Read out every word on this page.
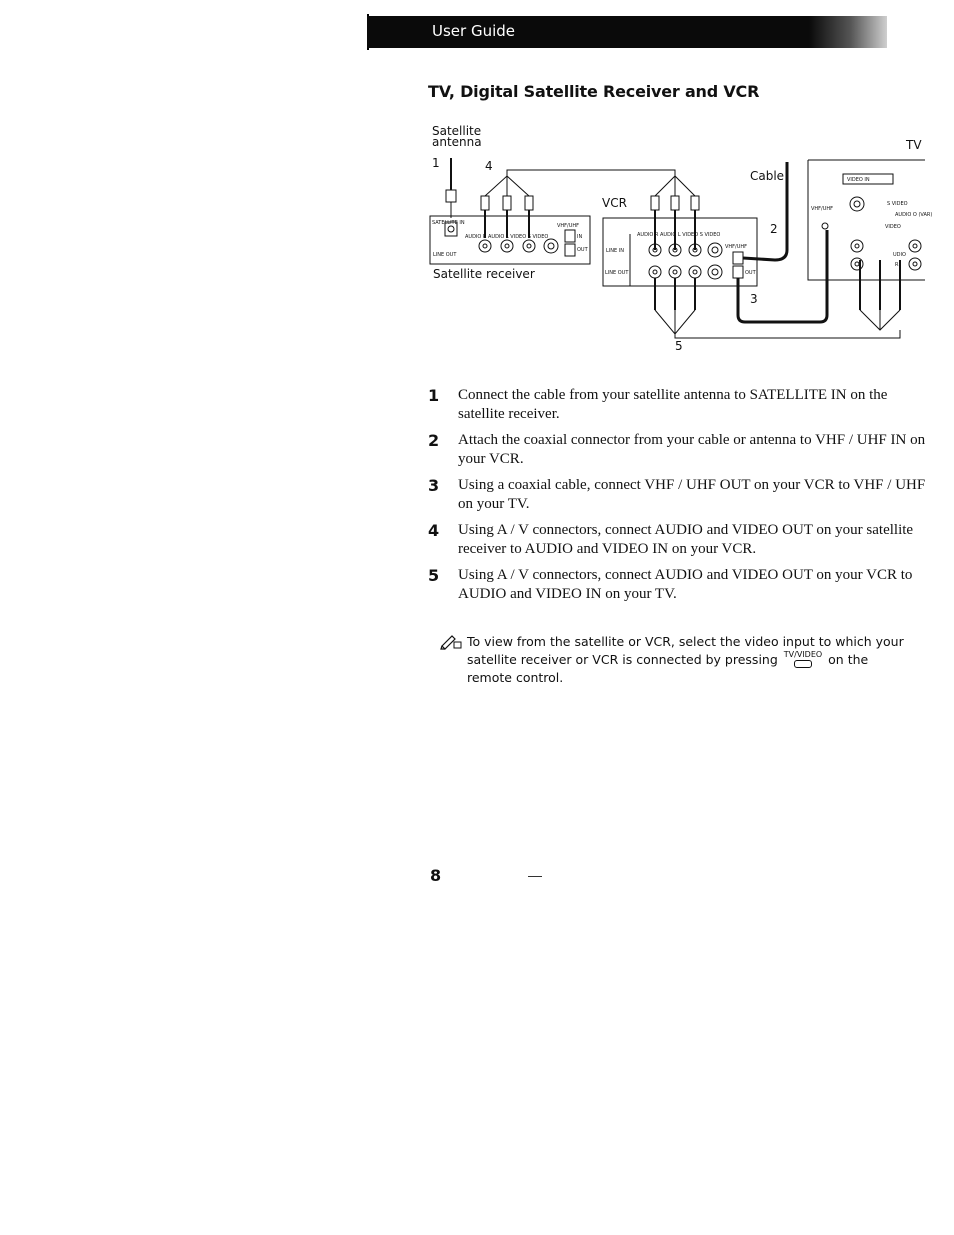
User Guide
TV, Digital Satellite Receiver and VCR
Satellite
antenna	TV
VCR
Cable
Satellite receiver
1
2
3
4
5
SATELLITE IN
AUDIO R AUDIO L VIDEO S VIDEO
VHF/UHF
IN
OUT
LINE OUT
AUDIO R AUDIO L VIDEO S VIDEO
LINE IN
LINE OUT
VHF/UHF
OUT
VIDEO IN
S VIDEO
AUDIO O (VAR)
VHF/UHF
VIDEO
UDIO
R
1 Connect the cable from your satellite antenna to SATELLITE IN on the satellite receiver.
2 Attach the coaxial connector from your cable or antenna to VHF / UHF IN on your VCR.
3 Using a coaxial cable, connect VHF / UHF OUT on your VCR to VHF / UHF on your TV.
4 Using A / V connectors, connect AUDIO and VIDEO OUT on your satellite receiver to AUDIO and VIDEO IN on your VCR.
5 Using A / V connectors, connect AUDIO and VIDEO OUT on your VCR to AUDIO and VIDEO IN on your TV.
To view from the satellite or VCR, select the video input to which your satellite receiver or VCR is connected by pressing TV/VIDEO on the remote control.
8
